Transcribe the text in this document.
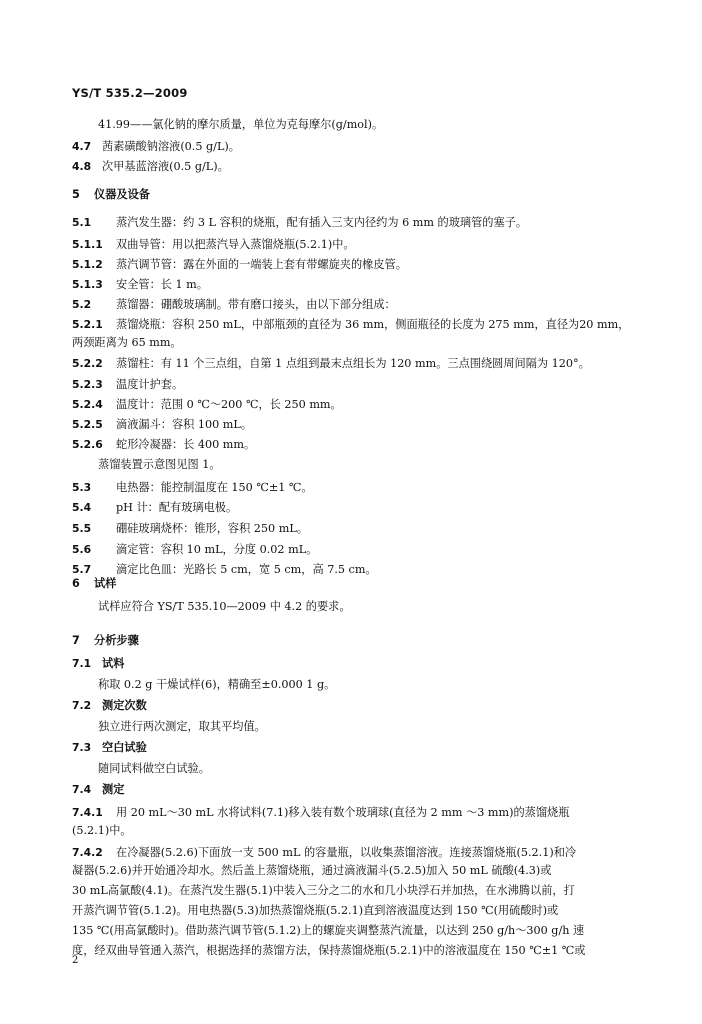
YS/T 535.2—2009
41.99——氯化钠的摩尔质量，单位为克每摩尔(g/mol)。
4.7 茜素磺酸钠溶液(0.5 g/L)。
4.8 次甲基蓝溶液(0.5 g/L)。
5 仪器及设备
5.1 蒸汽发生器：约 3 L 容积的烧瓶，配有插入三支内径约为 6 mm 的玻璃管的塞子。
5.1.1 双曲导管：用以把蒸汽导入蒸馏烧瓶(5.2.1)中。
5.1.2 蒸汽调节管：露在外面的一端装上套有带螺旋夹的橡皮管。
5.1.3 安全管：长 1 m。
5.2 蒸馏器：硼酸玻璃制。带有磨口接头，由以下部分组成：
5.2.1 蒸馏烧瓶：容积 250 mL，中部瓶颈的直径为 36 mm，侧面瓶径的长度为 275 mm，直径为20 mm，
两颈距离为 65 mm。
5.2.2 蒸馏柱：有 11 个三点组，自第 1 点组到最末点组长为 120 mm。三点围绕圆周间隔为 120°。
5.2.3 温度计护套。
5.2.4 温度计：范围 0 ℃～200 ℃，长 250 mm。
5.2.5 滴液漏斗：容积 100 mL。
5.2.6 蛇形冷凝器：长 400 mm。
蒸馏装置示意图见图 1。
5.3 电热器：能控制温度在 150 ℃±1 ℃。
5.4 pH 计：配有玻璃电极。
5.5 硼硅玻璃烧杯：锥形，容积 250 mL。
5.6 滴定管：容积 10 mL，分度 0.02 mL。
5.7 滴定比色皿：光路长 5 cm，宽 5 cm，高 7.5 cm。
6 试样
试样应符合 YS/T 535.10—2009 中 4.2 的要求。
7 分析步骤
7.1 试料
称取 0.2 g 干燥试样(6)，精确至±0.000 1 g。
7.2 测定次数
独立进行两次测定，取其平均值。
7.3 空白试验
随同试料做空白试验。
7.4 测定
7.4.1 用 20 mL～30 mL 水将试料(7.1)移入装有数个玻璃球(直径为 2 mm ～3 mm)的蒸馏烧瓶
(5.2.1)中。
7.4.2 在冷凝器(5.2.6)下面放一支 500 mL 的容量瓶，以收集蒸馏溶液。连接蒸馏烧瓶(5.2.1)和冷
凝器(5.2.6)并开始通冷却水。然后盖上蒸馏烧瓶，通过滴液漏斗(5.2.5)加入 50 mL 硫酸(4.3)或
30 mL高氯酸(4.1)。在蒸汽发生器(5.1)中装入三分之二的水和几小块浮石并加热，在水沸腾以前，打
开蒸汽调节管(5.1.2)。用电热器(5.3)加热蒸馏烧瓶(5.2.1)直到溶液温度达到 150 ℃(用硫酸时)或
135 ℃(用高氯酸时)。借助蒸汽调节管(5.1.2)上的螺旋夹调整蒸汽流量，以达到 250 g/h～300 g/h 速
度，经双曲导管通入蒸汽，根据选择的蒸馏方法，保持蒸馏烧瓶(5.2.1)中的溶液温度在 150 ℃±1 ℃或
2
